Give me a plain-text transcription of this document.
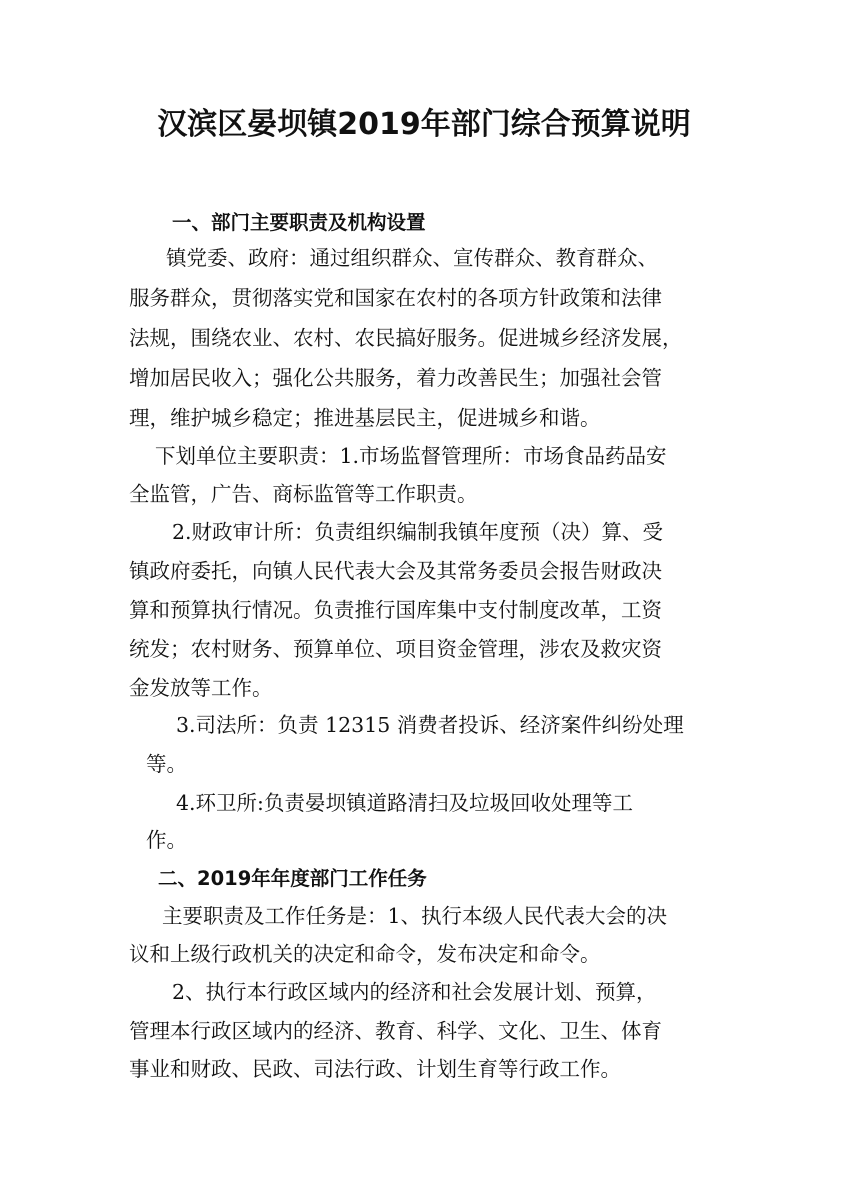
汉滨区晏坝镇2019年部门综合预算说明
一、部门主要职责及机构设置
镇党委、政府：通过组织群众、宣传群众、教育群众、
服务群众，贯彻落实党和国家在农村的各项方针政策和法律
法规，围绕农业、农村、农民搞好服务。促进城乡经济发展，
增加居民收入；强化公共服务，着力改善民生；加强社会管
理，维护城乡稳定；推进基层民主，促进城乡和谐。
下划单位主要职责：1.市场监督管理所：市场食品药品安
全监管，广告、商标监管等工作职责。
2.财政审计所：负责组织编制我镇年度预（决）算、受
镇政府委托，向镇人民代表大会及其常务委员会报告财政决
算和预算执行情况。负责推行国库集中支付制度改革，工资
统发；农村财务、预算单位、项目资金管理，涉农及救灾资
金发放等工作。
3.司法所：负责 12315 消费者投诉、经济案件纠纷处理
等。
4.环卫所:负责晏坝镇道路清扫及垃圾回收处理等工
作。
二、2019年年度部门工作任务
主要职责及工作任务是：1、执行本级人民代表大会的决
议和上级行政机关的决定和命令，发布决定和命令。
2、执行本行政区域内的经济和社会发展计划、预算，
管理本行政区域内的经济、教育、科学、文化、卫生、体育
事业和财政、民政、司法行政、计划生育等行政工作。
